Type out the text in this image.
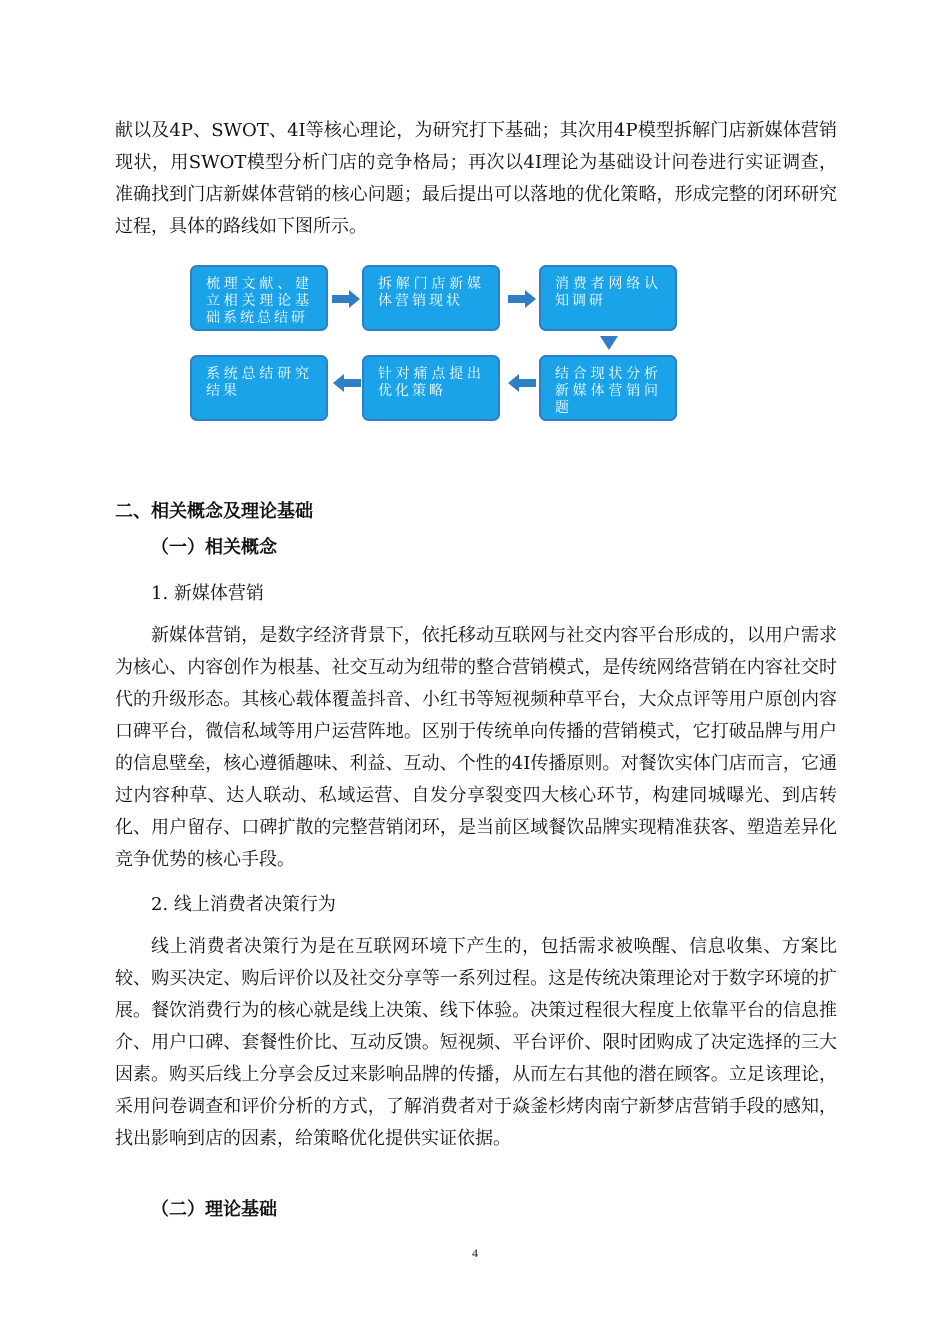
献以及4P、SWOT、4I等核心理论，为研究打下基础；其次用4P模型拆解门店新媒体营销现状，用SWOT模型分析门店的竞争格局；再次以4I理论为基础设计问卷进行实证调查，准确找到门店新媒体营销的核心问题；最后提出可以落地的优化策略，形成完整的闭环研究过程，具体的路线如下图所示。

梳理文献、建立相关理论基础系统总结研
拆解门店新媒体营销现状
消费者网络认知调研
系统总结研究结果
针对痛点提出优化策略
结合现状分析新媒体营销问题
二、相关概念及理论基础
（一）相关概念

1. 新媒体营销

新媒体营销，是数字经济背景下，依托移动互联网与社交内容平台形成的，以用户需求为核心、内容创作为根基、社交互动为纽带的整合营销模式，是传统网络营销在内容社交时代的升级形态。其核心载体覆盖抖音、小红书等短视频种草平台，大众点评等用户原创内容口碑平台，微信私域等用户运营阵地。区别于传统单向传播的营销模式，它打破品牌与用户的信息壁垒，核心遵循趣味、利益、互动、个性的4I传播原则。对餐饮实体门店而言，它通过内容种草、达人联动、私域运营、自发分享裂变四大核心环节，构建同城曝光、到店转化、用户留存、口碑扩散的完整营销闭环，是当前区域餐饮品牌实现精准获客、塑造差异化竞争优势的核心手段。

2. 线上消费者决策行为

线上消费者决策行为是在互联网环境下产生的，包括需求被唤醒、信息收集、方案比较、购买决定、购后评价以及社交分享等一系列过程。这是传统决策理论对于数字环境的扩展。餐饮消费行为的核心就是线上决策、线下体验。决策过程很大程度上依靠平台的信息推介、用户口碑、套餐性价比、互动反馈。短视频、平台评价、限时团购成了决定选择的三大因素。购买后线上分享会反过来影响品牌的传播，从而左右其他的潜在顾客。立足该理论，采用问卷调查和评价分析的方式，了解消费者对于焱釜杉烤肉南宁新梦店营销手段的感知，找出影响到店的因素，给策略优化提供实证依据。

（二）理论基础
4
